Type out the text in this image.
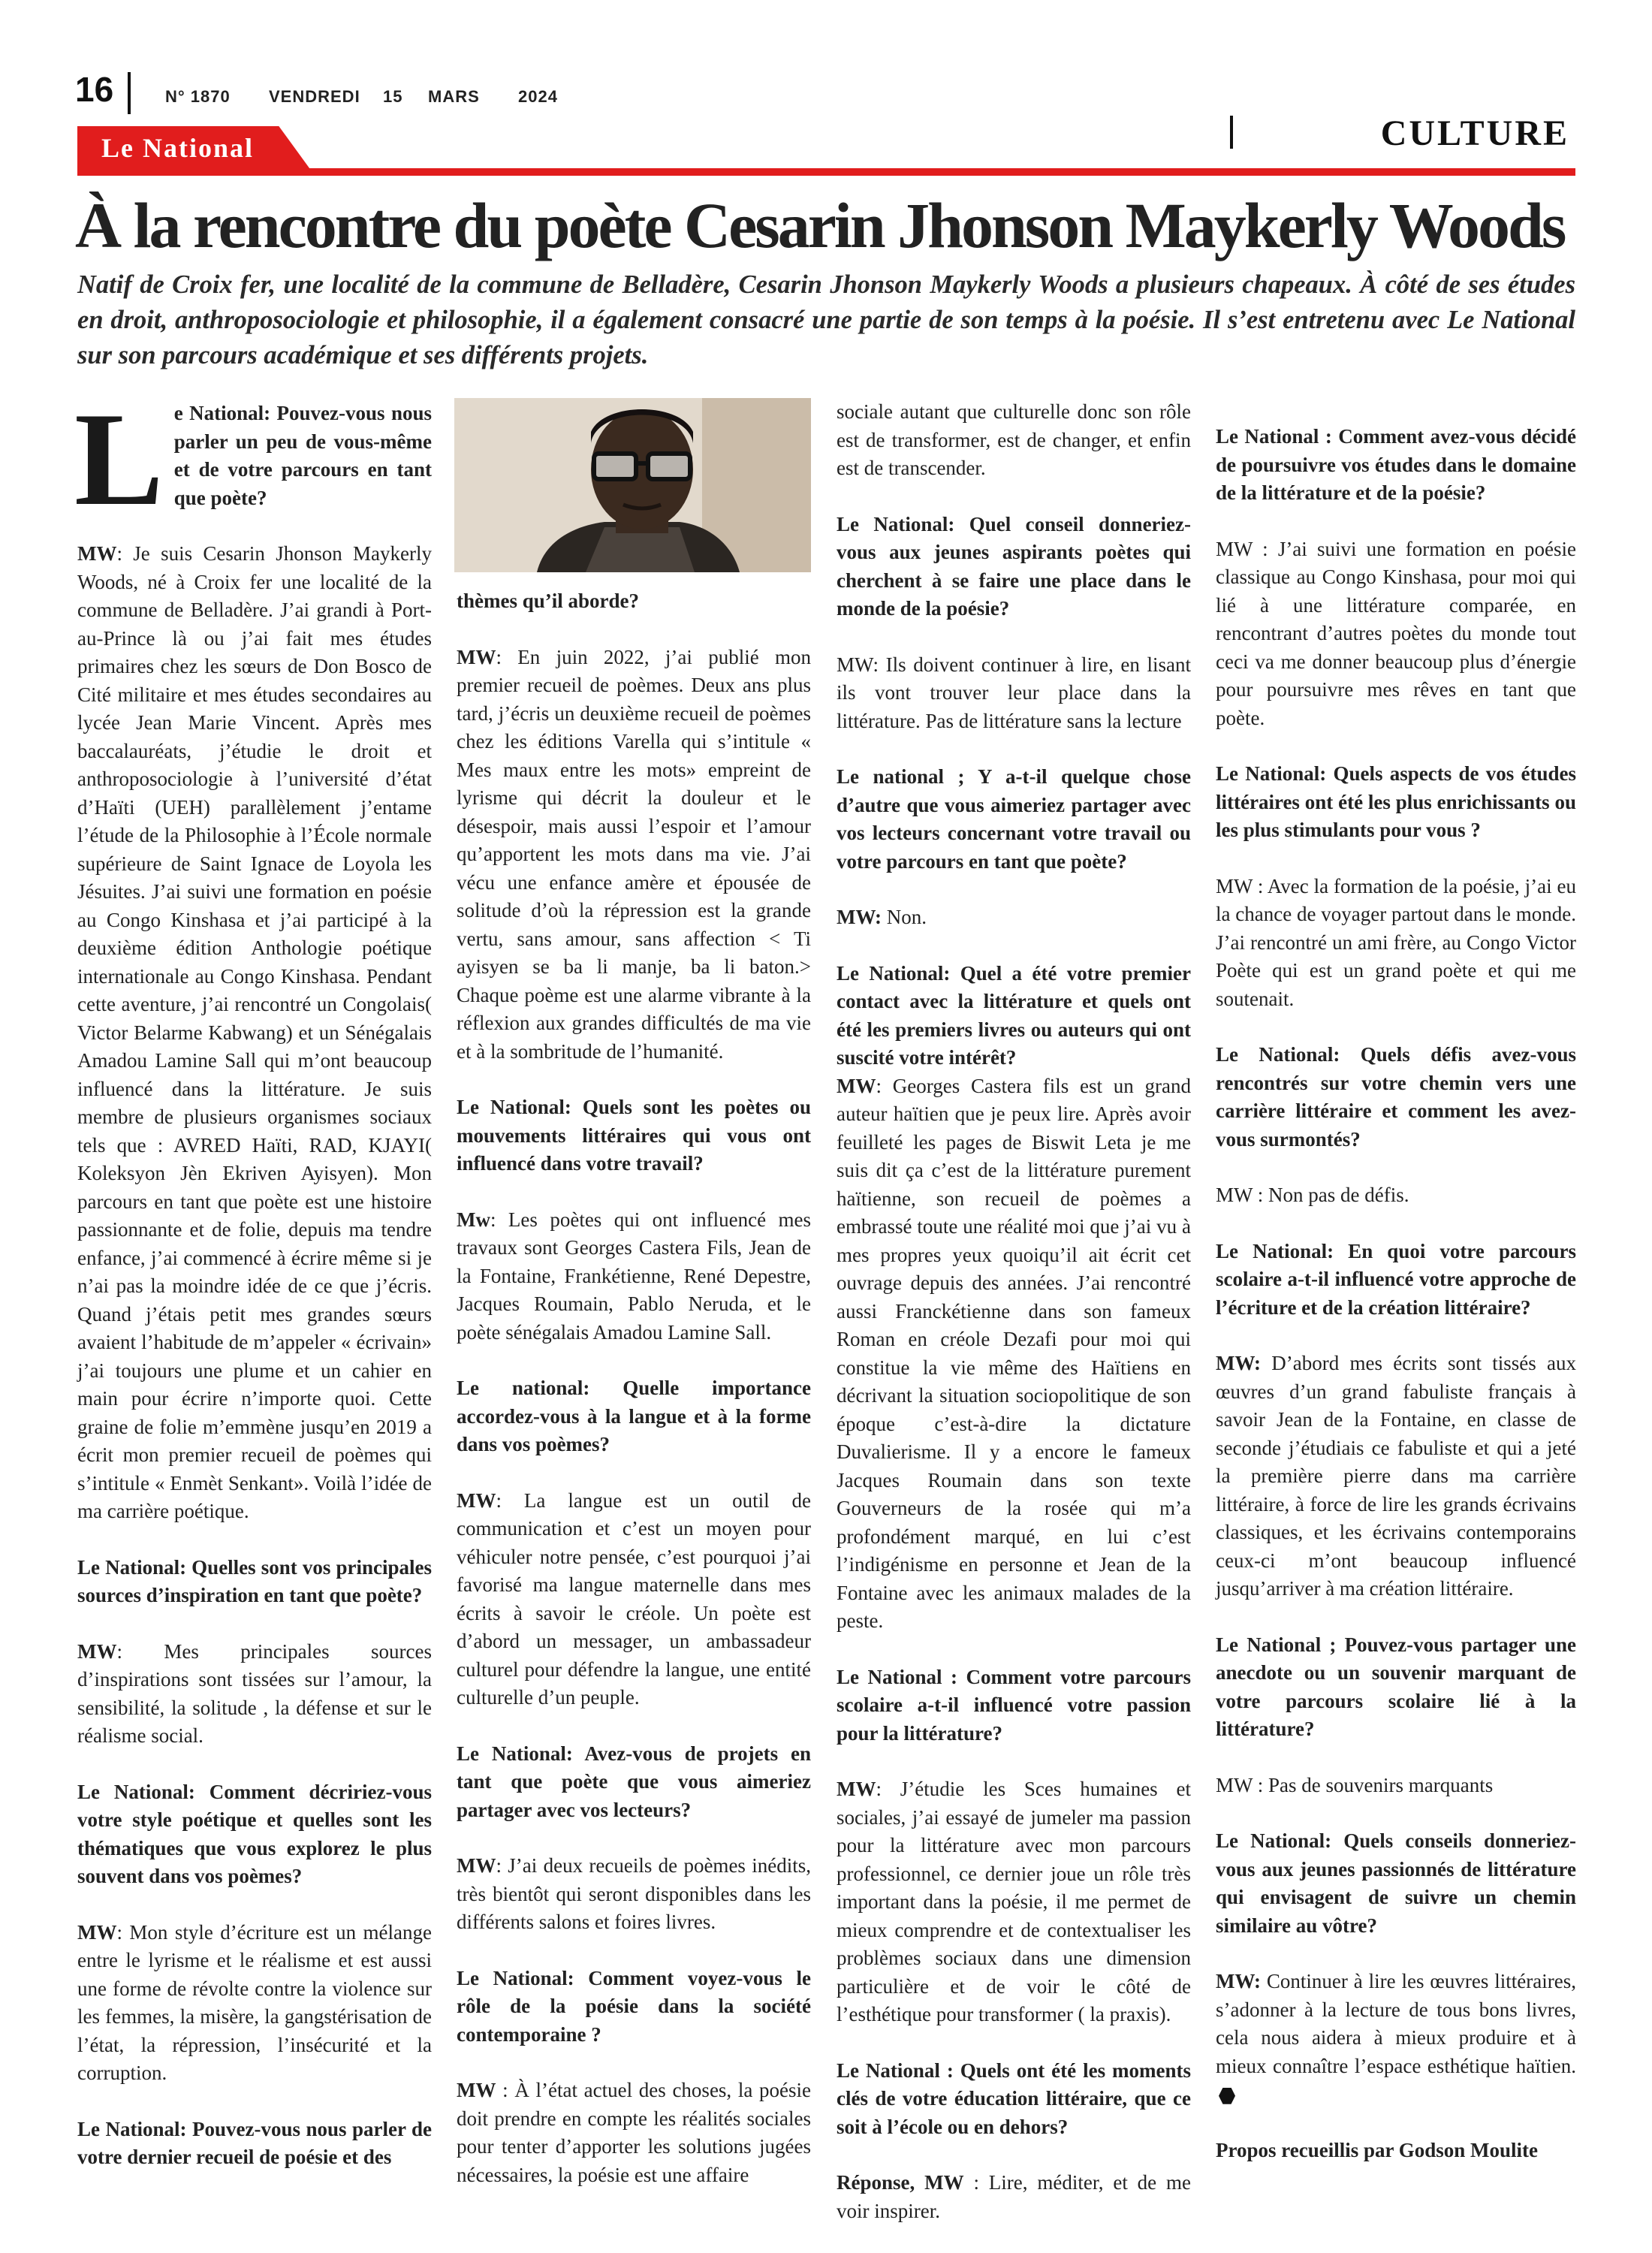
16	N° 1870 VENDREDI 15 MARS 2024
CULTURE
Le National
À la rencontre du poète Cesarin Jhonson Maykerly Woods
Natif de Croix fer, une localité de la commune de Belladère, Cesarin Jhonson Maykerly Woods a plusieurs chapeaux. À côté de ses études en droit, anthroposociologie et philosophie, il a également consacré une partie de son temps à la poésie. Il s’est entretenu avec Le National sur son parcours académique et ses différents projets.

L e National: Pouvez-vous nous parler un peu de vous-même et de votre parcours en tant que poète?

MW: Je suis Cesarin Jhonson Maykerly Woods, né à Croix fer une localité de la commune de Belladère. J’ai grandi à Port-au-Prince là ou j’ai fait mes études primaires chez les sœurs de Don Bosco de Cité militaire et mes études secondaires au lycée Jean Marie Vincent. Après mes baccalauréats, j’étudie le droit et anthroposociologie à l’université d’état d’Haïti (UEH) parallèlement j’entame l’étude de la Philosophie à l’École normale supérieure de Saint Ignace de Loyola les Jésuites. J’ai suivi une formation en poésie au Congo Kinshasa et j’ai participé à la deuxième édition Anthologie poétique internationale au Congo Kinshasa. Pendant cette aventure, j’ai rencontré un Congolais( Victor Belarme Kabwang) et un Sénégalais Amadou Lamine Sall qui m’ont beaucoup influencé dans la littérature. Je suis membre de plusieurs organismes sociaux tels que : AVRED Haïti, RAD, KJAYI( Koleksyon Jèn Ekriven Ayisyen). Mon parcours en tant que poète est une histoire passionnante et de folie, depuis ma tendre enfance, j’ai commencé à écrire même si je n’ai pas la moindre idée de ce que j’écris. Quand j’étais petit mes grandes sœurs avaient l’habitude de m’appeler « écrivain» j’ai toujours une plume et un cahier en main pour écrire n’importe quoi. Cette graine de folie m’emmène jusqu’en 2019 a écrit mon premier recueil de poèmes qui s’intitule « Enmèt Senkant». Voilà l’idée de ma carrière poétique.

Le National: Quelles sont vos principales sources d’inspiration en tant que poète?

MW: Mes principales sources d’inspirations sont tissées sur l’amour, la sensibilité, la solitude , la défense et sur le réalisme social.

Le National: Comment décririez-vous votre style poétique et quelles sont les thématiques que vous explorez le plus souvent dans vos poèmes?

MW: Mon style d’écriture est un mélange entre le lyrisme et le réalisme et est aussi une forme de révolte contre la violence sur les femmes, la misère, la gangstérisation de l’état, la répression, l’insécurité et la corruption.

Le National: Pouvez-vous nous parler de votre dernier recueil de poésie et des

thèmes qu’il aborde?

MW: En juin 2022, j’ai publié mon premier recueil de poèmes. Deux ans plus tard, j’écris un deuxième recueil de poèmes chez les éditions Varella qui s’intitule « Mes maux entre les mots» empreint de lyrisme qui décrit la douleur et le désespoir, mais aussi l’espoir et l’amour qu’apportent les mots dans ma vie. J’ai vécu une enfance amère et épousée de solitude d’où la répression est la grande vertu, sans amour, sans affection < Ti ayisyen se ba li manje, ba li baton.> Chaque poème est une alarme vibrante à la réflexion aux grandes difficultés de ma vie et à la sombritude de l’humanité.

Le National: Quels sont les poètes ou mouvements littéraires qui vous ont influencé dans votre travail?

Mw: Les poètes qui ont influencé mes travaux sont Georges Castera Fils, Jean de la Fontaine, Frankétienne, René Depestre, Jacques Roumain, Pablo Neruda, et le poète sénégalais Amadou Lamine Sall.

Le national: Quelle importance accordez-vous à la langue et à la forme dans vos poèmes?

MW: La langue est un outil de communication et c’est un moyen pour véhiculer notre pensée, c’est pourquoi j’ai favorisé ma langue maternelle dans mes écrits à savoir le créole. Un poète est d’abord un messager, un ambassadeur culturel pour défendre la langue, une entité culturelle d’un peuple.

Le National: Avez-vous de projets en tant que poète que vous aimeriez partager avec vos lecteurs?

MW: J’ai deux recueils de poèmes inédits, très bientôt qui seront disponibles dans les différents salons et foires livres.

Le National: Comment voyez-vous le rôle de la poésie dans la société contemporaine ?

MW : À l’état actuel des choses, la poésie doit prendre en compte les réalités sociales pour tenter d’apporter les solutions jugées nécessaires, la poésie est une affaire

sociale autant que culturelle donc son rôle est de transformer, est de changer, et enfin est de transcender.

Le National: Quel conseil donneriez-vous aux jeunes aspirants poètes qui cherchent à se faire une place dans le monde de la poésie?

MW: Ils doivent continuer à lire, en lisant ils vont trouver leur place dans la littérature. Pas de littérature sans la lecture

Le national ; Y a-t-il quelque chose d’autre que vous aimeriez partager avec vos lecteurs concernant votre travail ou votre parcours en tant que poète?

MW: Non.

Le National: Quel a été votre premier contact avec la littérature et quels ont été les premiers livres ou auteurs qui ont suscité votre intérêt?

MW: Georges Castera fils est un grand auteur haïtien que je peux lire. Après avoir feuilleté les pages de Biswit Leta je me suis dit ça c’est de la littérature purement haïtienne, son recueil de poèmes a embrassé toute une réalité moi que j’ai vu à mes propres yeux quoiqu’il ait écrit cet ouvrage depuis des années. J’ai rencontré aussi Franckétienne dans son fameux Roman en créole Dezafi pour moi qui constitue la vie même des Haïtiens en décrivant la situation sociopolitique de son époque c’est-à-dire la dictature Duvalierisme. Il y a encore le fameux Jacques Roumain dans son texte Gouverneurs de la rosée qui m’a profondément marqué, en lui c’est l’indigénisme en personne et Jean de la Fontaine avec les animaux malades de la peste.

Le National : Comment votre parcours scolaire a-t-il influencé votre passion pour la littérature?

MW: J’étudie les Sces humaines et sociales, j’ai essayé de jumeler ma passion pour la littérature avec mon parcours professionnel, ce dernier joue un rôle très important dans la poésie, il me permet de mieux comprendre et de contextualiser les problèmes sociaux dans une dimension particulière et de voir le côté de l’esthétique pour transformer ( la praxis).

Le National : Quels ont été les moments clés de votre éducation littéraire, que ce soit à l’école ou en dehors?

Réponse, MW : Lire, méditer, et de me voir inspirer.

Le National : Comment avez-vous décidé de poursuivre vos études dans le domaine de la littérature et de la poésie?

MW : J’ai suivi une formation en poésie classique au Congo Kinshasa, pour moi qui lié à une littérature comparée, en rencontrant d’autres poètes du monde tout ceci va me donner beaucoup plus d’énergie pour poursuivre mes rêves en tant que poète.

Le National: Quels aspects de vos études littéraires ont été les plus enrichissants ou les plus stimulants pour vous ?

MW : Avec la formation de la poésie, j’ai eu la chance de voyager partout dans le monde. J’ai rencontré un ami frère, au Congo Victor Poète qui est un grand poète et qui me soutenait.

Le National: Quels défis avez-vous rencontrés sur votre chemin vers une carrière littéraire et comment les avez-vous surmontés?

MW : Non pas de défis.

Le National: En quoi votre parcours scolaire a-t-il influencé votre approche de l’écriture et de la création littéraire?

MW: D’abord mes écrits sont tissés aux œuvres d’un grand fabuliste français à savoir Jean de la Fontaine, en classe de seconde j’étudiais ce fabuliste et qui a jeté la première pierre dans ma carrière littéraire, à force de lire les grands écrivains classiques, et les écrivains contemporains ceux-ci m’ont beaucoup influencé jusqu’arriver à ma création littéraire.

Le National ; Pouvez-vous partager une anecdote ou un souvenir marquant de votre parcours scolaire lié à la littérature?

MW : Pas de souvenirs marquants

Le National: Quels conseils donneriez-vous aux jeunes passionnés de littérature qui envisagent de suivre un chemin similaire au vôtre?

MW: Continuer à lire les œuvres littéraires, s’adonner à la lecture de tous bons livres, cela nous aidera à mieux produire et à mieux connaître l’espace esthétique haïtien.

Propos recueillis par Godson Moulite
